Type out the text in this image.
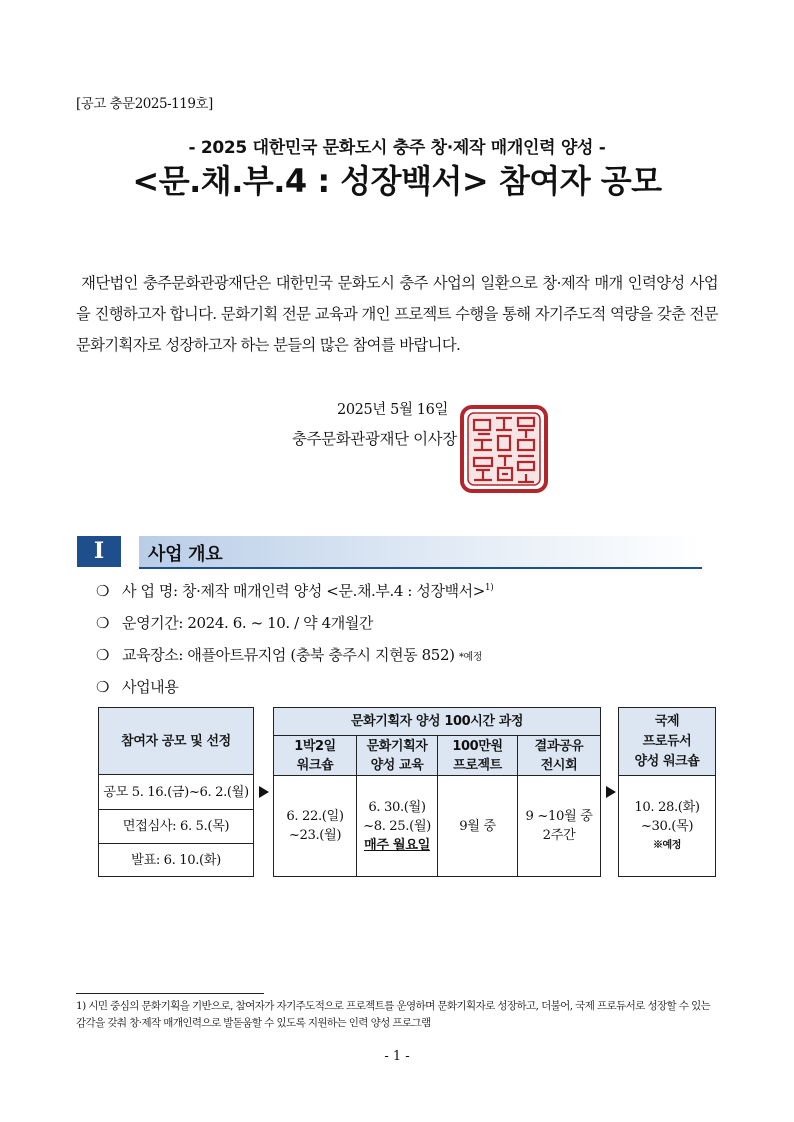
[공고 충문2025-119호]
- 2025 대한민국 문화도시 충주 창·제작 매개인력 양성 -
<문.채.부.4 : 성장백서> 참여자 공모
재단법인 충주문화관광재단은 대한민국 문화도시 충주 사업의 일환으로 창·제작 매개 인력양성 사업을 진행하고자 합니다. 문화기획 전문 교육과 개인 프로젝트 수행을 통해 자기주도적 역량을 갖춘 전문 문화기획자로 성장하고자 하는 분들의 많은 참여를 바랍니다.
2025년 5월 16일
충주문화관광재단 이사장
I	사업 개요
❍ 사 업 명: 창·제작 매개인력 양성 <문.채.부.4 : 성장백서>$^{1)}$
❍ 운영기간: 2024. 6. ~ 10. / 약 4개월간
❍ 교육장소: 애플아트뮤지엄 (충북 충주시 지현동 852) *예정
❍ 사업내용
참여자 공모 및 선정
공모 5. 16.(금)~6. 2.(월)
면접심사: 6. 5.(목)
발표: 6. 10.(화)
문화기획자 양성 100시간 과정
1박2일
워크숍
문화기획자
양성 교육
100만원
프로젝트
결과공유
전시회
6. 22.(일)
~23.(월)
6. 30.(월)
~8. 25.(월)
매주 월요일
9월 중
9 ~10월 중
2주간
국제
프로듀서
양성 워크숍
10. 28.(화)
~30.(목)
※예정
1) 시민 중심의 문화기획을 기반으로, 참여자가 자기주도적으로 프로젝트를 운영하며 문화기획자로 성장하고, 더불어, 국제 프로듀서로 성장할 수 있는 감각을 갖춰 창·제작 매개인력으로 발돋움할 수 있도록 지원하는 인력 양성 프로그램
- 1 -
